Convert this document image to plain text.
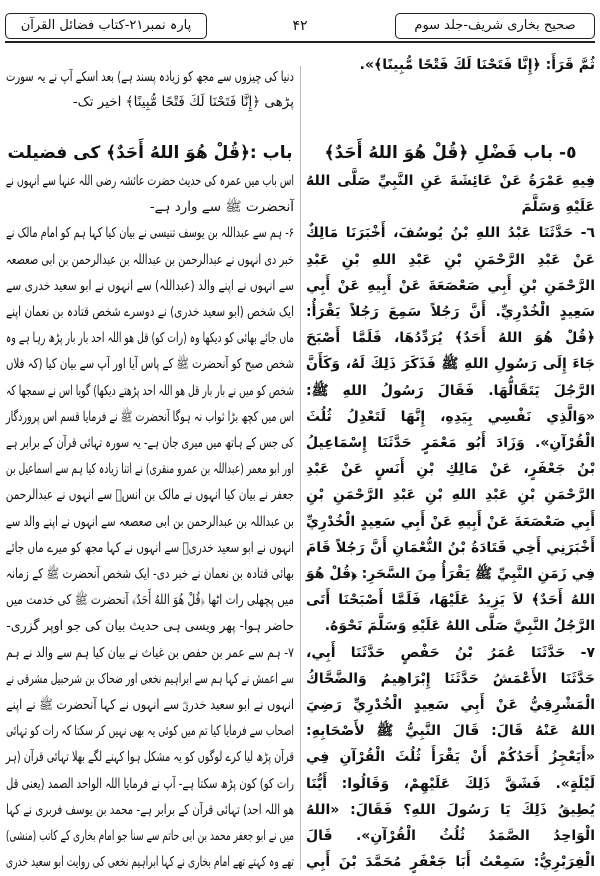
صحیح بخاری شریف-جلد سوم
۴۲
پارہ نمبر۲۱-کتاب فضائل القرآن
ثُمَّ قَرَأَ: ﴿إِنَّا فَتَحْنَا لَكَ فَتْحًا مُّبِينًا﴾».
٥- باب فَضْلِ ﴿قُلْ هُوَ اللهُ أَحَدٌ﴾
فِيهِ عَمْرَةُ عَنْ عَائِشَةَ عَنِ النَّبِيِّ صَلَّى اللهُ
عَلَيْهِ وَسَلَّمَ
٦- حَدَّثَنَا عَبْدُ اللهِ بْنُ يُوسُفَ، أَخْبَرَنَا مَالِكٌ
عَنْ عَبْدِ الرَّحْمَنِ بْنِ عَبْدِ اللهِ بْنِ عَبْدِ
الرَّحْمَنِ بْنِ أَبِي صَعْصَعَةَ عَنْ أَبِيهِ عَنْ أَبِي
سَعِيدٍ الْخُدْرِيِّ. أَنَّ رَجُلاً سَمِعَ رَجُلاً يَقْرَأُ:
﴿قُلْ هُوَ اللهُ أَحَدٌ﴾ يُرَدِّدُهَا، فَلَمَّا أَصْبَحَ
جَاءَ إِلَى رَسُولِ اللهِ ﷺ فَذَكَرَ ذَلِكَ لَهُ، وَكَأَنَّ
الرَّجُلَ يَتَقَالُّهَا. فَقَالَ رَسُولُ اللهِ ﷺ:
«وَالَّذِي نَفْسِي بِيَدِهِ، إِنَّهَا لَتَعْدِلُ ثُلُثَ
الْقُرْآنِ». وَزَادَ أَبُو مَعْمَرٍ حَدَّثَنَا إِسْمَاعِيلُ
بْنُ جَعْفَرٍ، عَنْ مَالِكِ بْنِ أَنَسٍ عَنْ عَبْدِ
الرَّحْمَنِ بْنِ عَبْدِ اللهِ بْنِ عَبْدِ الرَّحْمَنِ بْنِ
أَبِي صَعْصَعَةَ عَنْ أَبِيهِ عَنْ أَبِي سَعِيدٍ الْخُدْرِيِّ
أَخْبَرَنِي أَخِي قَتَادَةُ بْنُ النُّعْمَانِ أَنَّ رَجُلاً قَامَ
فِي زَمَنِ النَّبِيِّ ﷺ يَقْرَأُ مِنَ السَّحَرِ: ﴿قُلْ هُوَ
اللهُ أَحَدٌ﴾ لاَ يَزِيدُ عَلَيْهَا، فَلَمَّا أَصْبَحْنَا أَتَى
الرَّجُلُ النَّبِيَّ صَلَّى اللهُ عَلَيْهِ وَسَلَّمَ نَحْوَهُ.
٧- حَدَّثَنَا عُمَرُ بْنُ حَفْصٍ حَدَّثَنَا أَبِي،
حَدَّثَنَا الأَعْمَشُ حَدَّثَنَا إِبْرَاهِيمُ وَالضَّحَّاكُ
الْمَشْرِقِيُّ عَنْ أَبِي سَعِيدٍ الْخُدْرِيِّ رَضِيَ
اللهُ عَنْهُ قَالَ: قَالَ النَّبِيُّ ﷺ لأَصْحَابِهِ:
«أَيَعْجِزُ أَحَدُكُمْ أَنْ يَقْرَأَ ثُلُثَ الْقُرْآنِ فِي
لَيْلَةٍ». فَشَقَّ ذَلِكَ عَلَيْهِمْ، وَقَالُوا: أَيُّنَا
يُطِيقُ ذَلِكَ يَا رَسُولَ اللهِ؟ فَقَالَ: «اللهُ
الْوَاحِدُ الصَّمَدُ ثُلُثُ الْقُرْآنِ». قَالَ
الْفِرَبْرِيُّ: سَمِعْتُ أَبَا جَعْفَرٍ مُحَمَّدَ بْنَ أَبِي
دنیا کی چیزوں سے مجھ کو زیادہ پسند ہے) بعد اسکے آپ نے یہ سورت
پڑھی ﴿إِنَّا فَتَحْنَا لَكَ فَتْحًا مُّبِينًا﴾ اخیر تک-
باب :﴿قُلْ هُوَ اللهُ أَحَدٌ﴾ کی فضیلت
اس باب میں عمرہ کی حدیث حضرت عائشہ رضی اللہ عنہا سے انہوں نے
آنحضرت ﷺ سے وارد ہے-
۶- ہم سے عبداللہ بن یوسف تنیسی نے بیان کیا کہا ہم کو امام مالک نے
خبر دی انہوں نے عبدالرحمن بن عبداللہ بن عبدالرحمن بن ابی صعصعہ
سے انہوں نے اپنے والد (عبداللہ) سے انہوں نے ابو سعید خدری سے
ایک شخص (ابو سعید خدری) نے دوسرے شخص قتادہ بن نعمان اپنے
ماں جائے بھائی کو دیکھا وہ (رات کو) قل ھو اللہ احد بار بار پڑھ رہا ہے وہ
شخص صبح کو آنحضرت ﷺ کے پاس آیا اور آپ سے بیان کیا (کہ فلاں
شخص کو میں نے بار بار قل ھو اللہ احد پڑھتے دیکھا) گویا اس نے سمجھا کہ
اس میں کچھ بڑا ثواب نہ ہوگا آنحضرت ﷺ نے فرمایا قسم اس پروردگار
کی جس کے ہاتھ میں میری جان ہے- یہ سورہ تہائی قرآن کے برابر ہے
اور ابو معمر (عبداللہ بن عمرو منقری) نے اتنا زیادہ کیا ہم سے اسماعیل بن
جعفر نے بیان کیا انہوں نے مالک بن انسؓ سے انہوں نے عبدالرحمن
بن عبداللہ بن عبدالرحمن بن ابی صعصعہ سے انہوں نے اپنے والد سے
انہوں نے ابو سعید خدریؓ سے انہوں نے کہا مجھ کو میرے ماں جائے
بھائی قتادہ بن نعمان نے خبر دی- ایک شخص آنحضرت ﷺ کے زمانہ
میں پچھلی رات اٹھا ﴿قُلْ هُوَ اللهُ أَحَدٌ﴾ آنحضرت ﷺ کی خدمت میں
حاضر ہوا- پھر ویسی ہی حدیث بیان کی جو اوپر گزری-
۷- ہم سے عمر بن حفص بن غیاث نے بیان کیا ہم سے والد نے ہم
سے اعمش نے کہا ہم سے ابراہیم نخعی اور ضحاک بن شرحبیل مشرقی نے
انہوں نے ابو سعید خدریؓ سے انہوں نے کہا آنحضرت ﷺ نے اپنے
اصحاب سے فرمایا کیا تم میں کوئی یہ بھی نہیں کر سکتا کہ رات کو تہائی
قرآن پڑھ لیا کرے لوگوں کو یہ مشکل ہوا کہنے لگے بھلا تہائی قرآن (ہر
رات کو) کون پڑھ سکتا ہے- آپ نے فرمایا اللہ الواحد الصمد (یعنی قل
ھو اللہ احد) تہائی قرآن کے برابر ہے- محمد بن یوسف فربری نے کہا
میں نے ابو جعفر محمد بن ابی حاتم سے سنا جو امام بخاری کے کاتب (منشی)
تھے وہ کہتے تھے امام بخاری نے کہا ابراہیم نخعی کی روایت ابو سعید خدری
